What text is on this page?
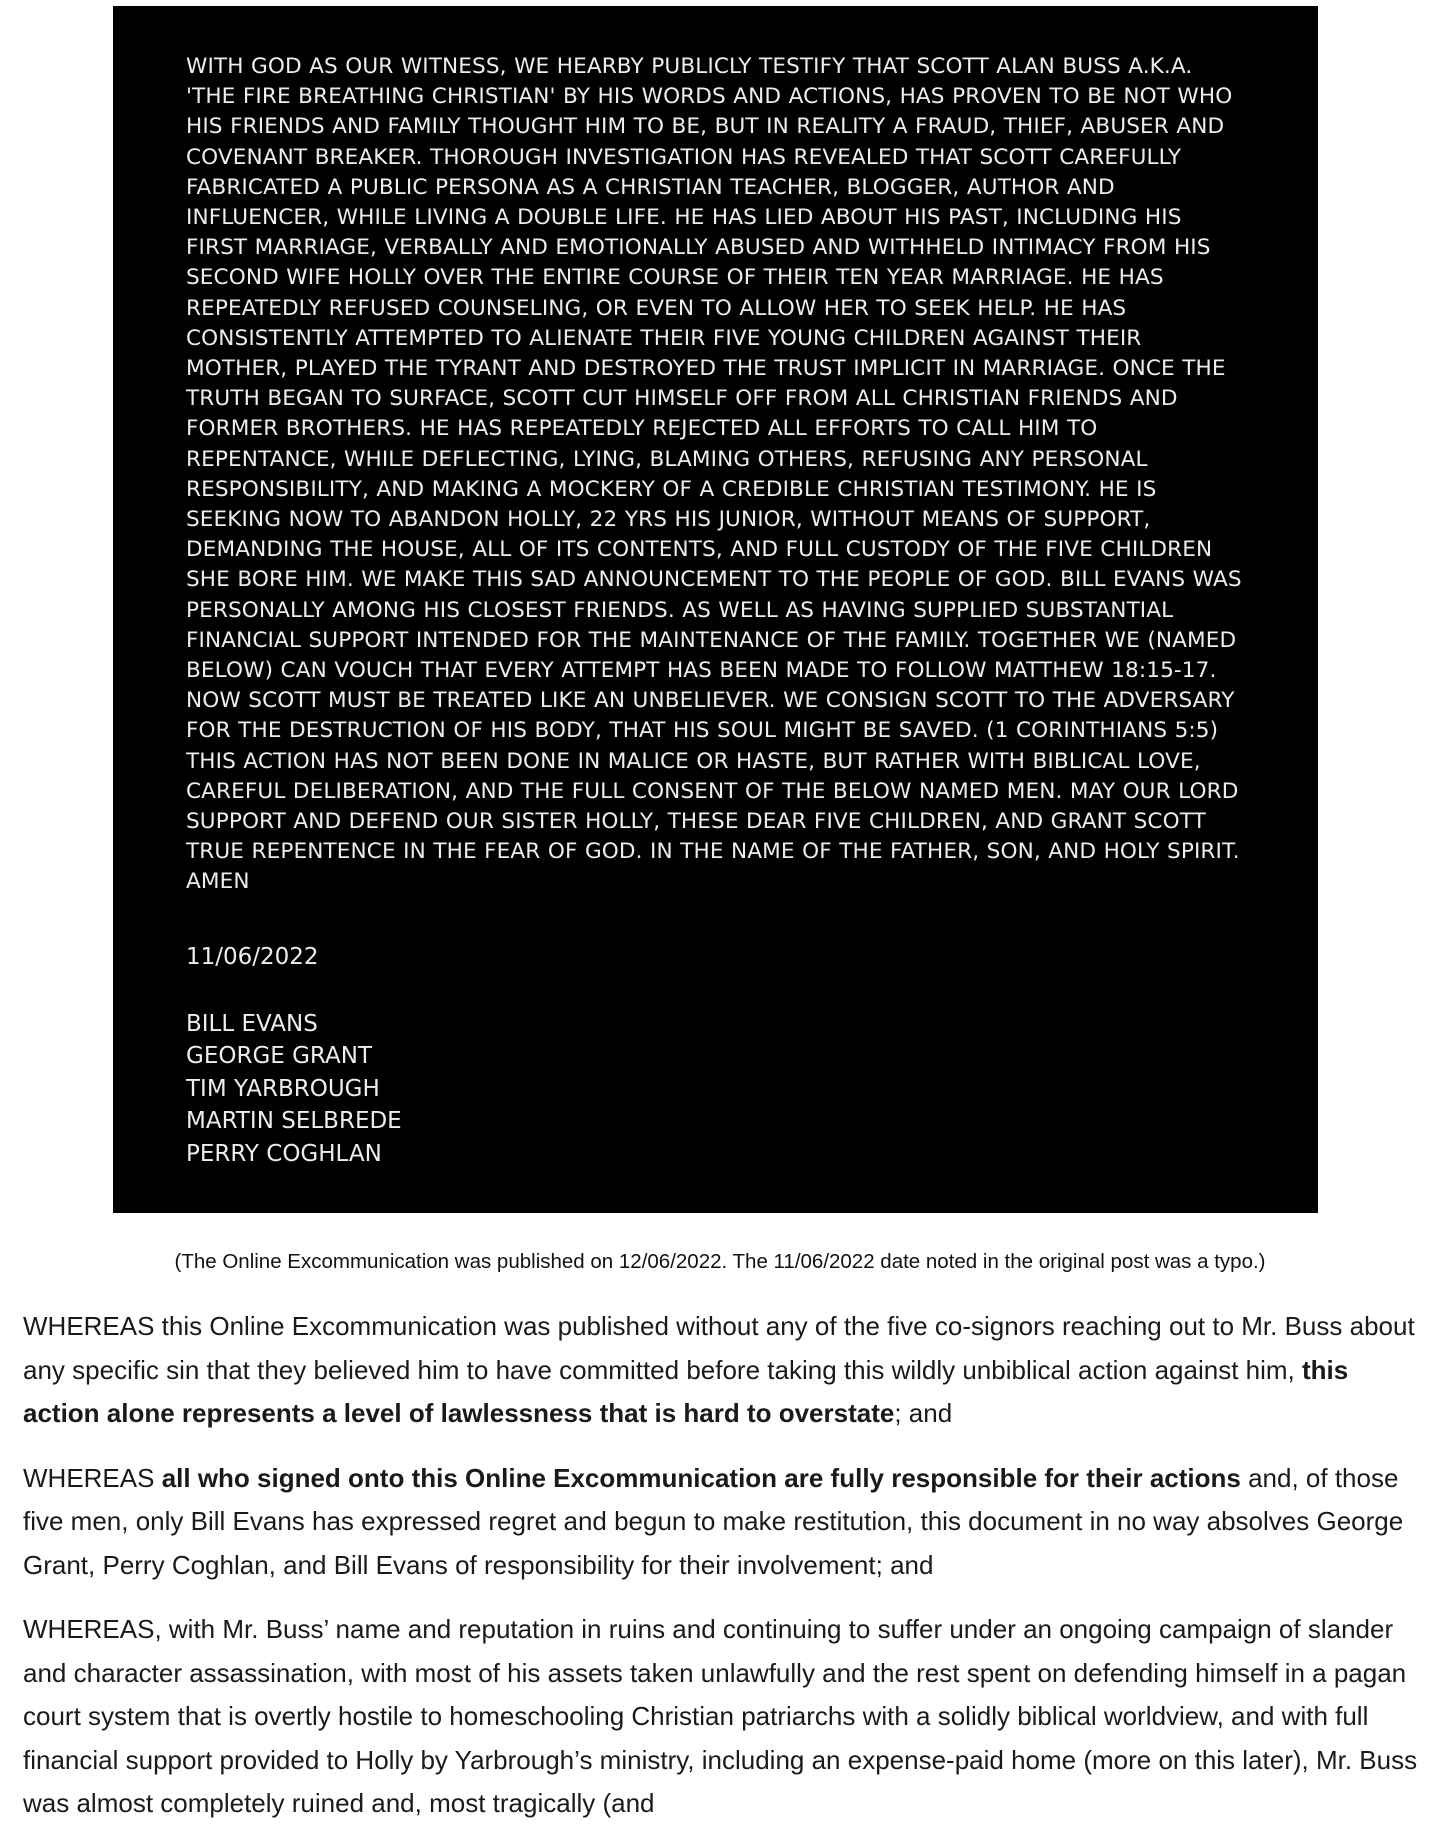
WITH GOD AS OUR WITNESS, WE HEARBY PUBLICLY TESTIFY THAT SCOTT ALAN BUSS A.K.A. 'THE FIRE BREATHING CHRISTIAN' BY HIS WORDS AND ACTIONS, HAS PROVEN TO BE NOT WHO HIS FRIENDS AND FAMILY THOUGHT HIM TO BE, BUT IN REALITY A FRAUD, THIEF, ABUSER AND COVENANT BREAKER. THOROUGH INVESTIGATION HAS REVEALED THAT SCOTT CAREFULLY FABRICATED A PUBLIC PERSONA AS A CHRISTIAN TEACHER, BLOGGER, AUTHOR AND INFLUENCER, WHILE LIVING A DOUBLE LIFE. HE HAS LIED ABOUT HIS PAST, INCLUDING HIS FIRST MARRIAGE, VERBALLY AND EMOTIONALLY ABUSED AND WITHHELD INTIMACY FROM HIS SECOND WIFE HOLLY OVER THE ENTIRE COURSE OF THEIR TEN YEAR MARRIAGE. HE HAS REPEATEDLY REFUSED COUNSELING, OR EVEN TO ALLOW HER TO SEEK HELP. HE HAS CONSISTENTLY ATTEMPTED TO ALIENATE THEIR FIVE YOUNG CHILDREN AGAINST THEIR MOTHER, PLAYED THE TYRANT AND DESTROYED THE TRUST IMPLICIT IN MARRIAGE. ONCE THE TRUTH BEGAN TO SURFACE, SCOTT CUT HIMSELF OFF FROM ALL CHRISTIAN FRIENDS AND FORMER BROTHERS. HE HAS REPEATEDLY REJECTED ALL EFFORTS TO CALL HIM TO REPENTANCE, WHILE DEFLECTING, LYING, BLAMING OTHERS, REFUSING ANY PERSONAL RESPONSIBILITY, AND MAKING A MOCKERY OF A CREDIBLE CHRISTIAN TESTIMONY. HE IS SEEKING NOW TO ABANDON HOLLY, 22 YRS HIS JUNIOR, WITHOUT MEANS OF SUPPORT, DEMANDING THE HOUSE, ALL OF ITS CONTENTS, AND FULL CUSTODY OF THE FIVE CHILDREN SHE BORE HIM. WE MAKE THIS SAD ANNOUNCEMENT TO THE PEOPLE OF GOD. BILL EVANS WAS PERSONALLY AMONG HIS CLOSEST FRIENDS. AS WELL AS HAVING SUPPLIED SUBSTANTIAL FINANCIAL SUPPORT INTENDED FOR THE MAINTENANCE OF THE FAMILY. TOGETHER WE (NAMED BELOW) CAN VOUCH THAT EVERY ATTEMPT HAS BEEN MADE TO FOLLOW MATTHEW 18:15-17. NOW SCOTT MUST BE TREATED LIKE AN UNBELIEVER. WE CONSIGN SCOTT TO THE ADVERSARY FOR THE DESTRUCTION OF HIS BODY, THAT HIS SOUL MIGHT BE SAVED. (1 CORINTHIANS 5:5) THIS ACTION HAS NOT BEEN DONE IN MALICE OR HASTE, BUT RATHER WITH BIBLICAL LOVE, CAREFUL DELIBERATION, AND THE FULL CONSENT OF THE BELOW NAMED MEN. MAY OUR LORD SUPPORT AND DEFEND OUR SISTER HOLLY, THESE DEAR FIVE CHILDREN, AND GRANT SCOTT TRUE REPENTENCE IN THE FEAR OF GOD. IN THE NAME OF THE FATHER, SON, AND HOLY SPIRIT. AMEN

11/06/2022
BILL EVANS
GEORGE GRANT
TIM YARBROUGH
MARTIN SELBREDE
PERRY COGHLAN
(The Online Excommunication was published on 12/06/2022. The 11/06/2022 date noted in the original post was a typo.)

WHEREAS this Online Excommunication was published without any of the five co-signors reaching out to Mr. Buss about any specific sin that they believed him to have committed before taking this wildly unbiblical action against him, this action alone represents a level of lawlessness that is hard to overstate; and

WHEREAS all who signed onto this Online Excommunication are fully responsible for their actions and, of those five men, only Bill Evans has expressed regret and begun to make restitution, this document in no way absolves George Grant, Perry Coghlan, and Bill Evans of responsibility for their involvement; and

WHEREAS, with Mr. Buss’ name and reputation in ruins and continuing to suffer under an ongoing campaign of slander and character assassination, with most of his assets taken unlawfully and the rest spent on defending himself in a pagan court system that is overtly hostile to homeschooling Christian patriarchs with a solidly biblical worldview, and with full financial support provided to Holly by Yarbrough’s ministry, including an expense-paid home (more on this later), Mr. Buss was almost completely ruined and, most tragically (and
